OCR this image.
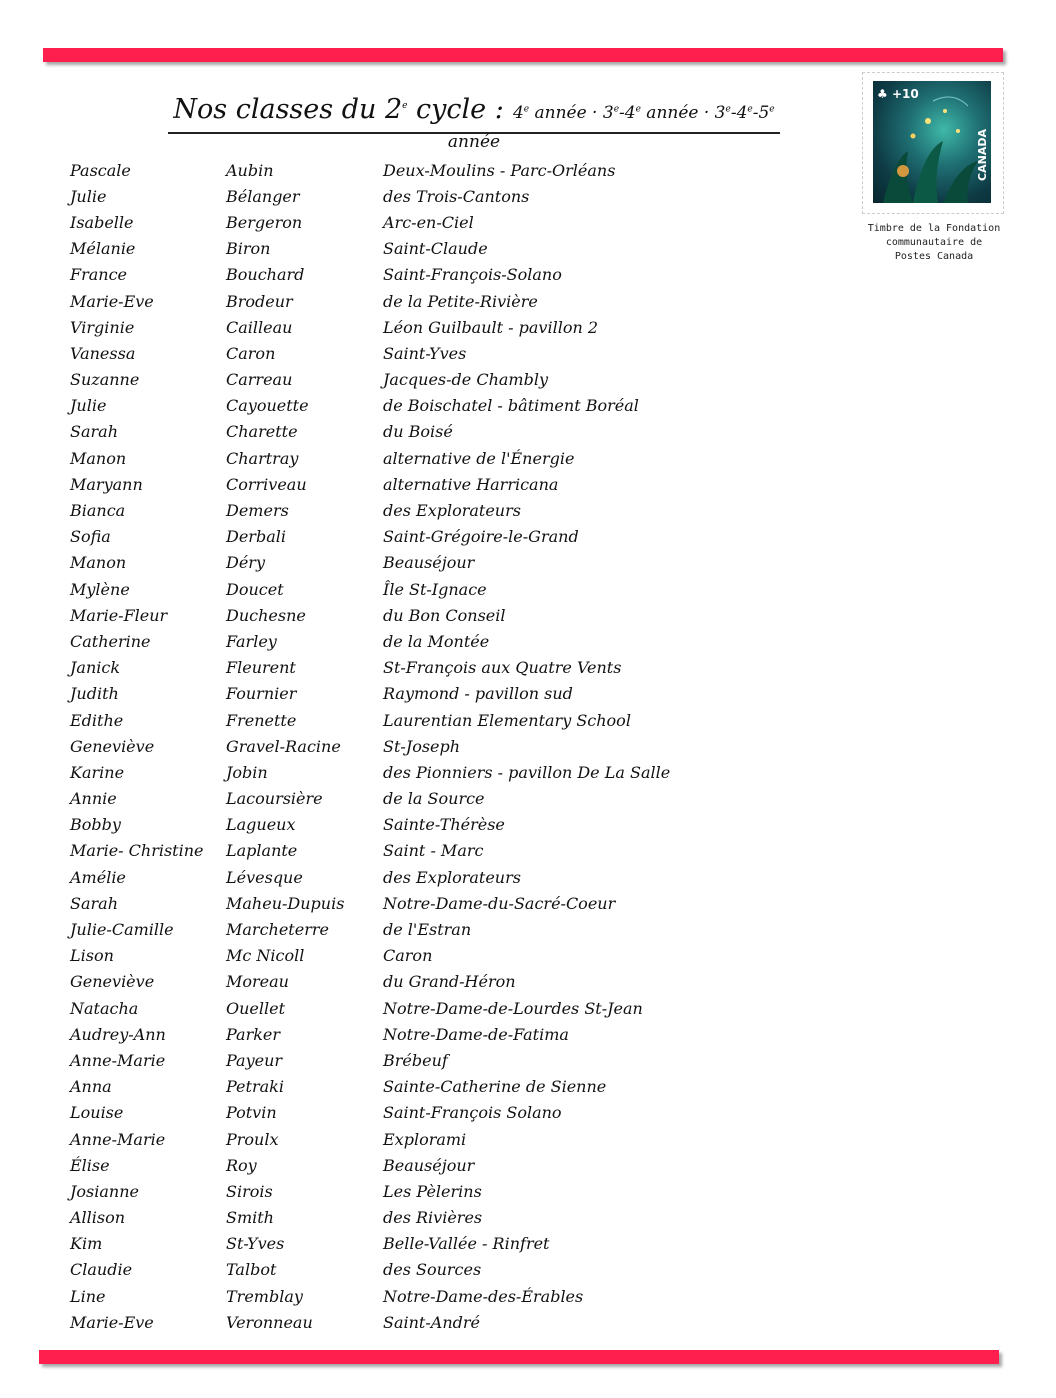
Nos classes du 2e cycle : 4e année · $3^e-4^e$ année · $3^e-4^e-5^e$ année
♣ +10
CANADA
Timbre de la Fondation
communautaire de
Postes Canada
Pascale	Aubin	Deux-Moulins - Parc-Orléans
Julie	Bélanger	des Trois-Cantons
Isabelle	Bergeron	Arc-en-Ciel
Mélanie	Biron	Saint-Claude
France	Bouchard	Saint-François-Solano
Marie-Eve	Brodeur	de la Petite-Rivière
Virginie	Cailleau	Léon Guilbault - pavillon 2
Vanessa	Caron	Saint-Yves
Suzanne	Carreau	Jacques-de Chambly
Julie	Cayouette	de Boischatel - bâtiment Boréal
Sarah	Charette	du Boisé
Manon	Chartray	alternative de l'Énergie
Maryann	Corriveau	alternative Harricana
Bianca	Demers	des Explorateurs
Sofia	Derbali	Saint-Grégoire-le-Grand
Manon	Déry	Beauséjour
Mylène	Doucet	Île St-Ignace
Marie-Fleur	Duchesne	du Bon Conseil
Catherine	Farley	de la Montée
Janick	Fleurent	St-François aux Quatre Vents
Judith	Fournier	Raymond - pavillon sud
Edithe	Frenette	Laurentian Elementary School
Geneviève	Gravel-Racine	St-Joseph
Karine	Jobin	des Pionniers - pavillon De La Salle
Annie	Lacoursière	de la Source
Bobby	Lagueux	Sainte-Thérèse
Marie- Christine	Laplante	Saint - Marc
Amélie	Lévesque	des Explorateurs
Sarah	Maheu-Dupuis	Notre-Dame-du-Sacré-Coeur
Julie-Camille	Marcheterre	de l'Estran
Lison	Mc Nicoll	Caron
Geneviève	Moreau	du Grand-Héron
Natacha	Ouellet	Notre-Dame-de-Lourdes St-Jean
Audrey-Ann	Parker	Notre-Dame-de-Fatima
Anne-Marie	Payeur	Brébeuf
Anna	Petraki	Sainte-Catherine de Sienne
Louise	Potvin	Saint-François Solano
Anne-Marie	Proulx	Explorami
Élise	Roy	Beauséjour
Josianne	Sirois	Les Pèlerins
Allison	Smith	des Rivières
Kim	St-Yves	Belle-Vallée - Rinfret
Claudie	Talbot	des Sources
Line	Tremblay	Notre-Dame-des-Érables
Marie-Eve	Veronneau	Saint-André
